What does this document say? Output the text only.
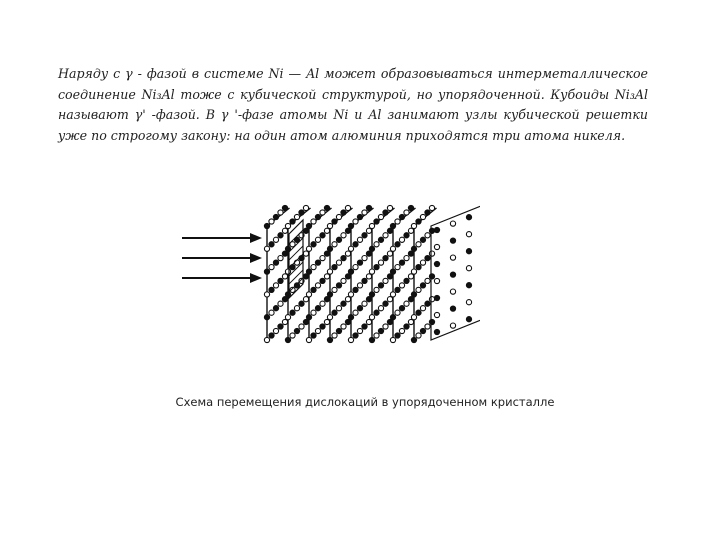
Наряду с γ - фазой в системе Ni — Al может образовываться интерметаллическое
соединение Ni₃Al тоже с кубической структурой, но упорядоченной. Кубоиды Ni₃Al
называют γ' -фазой. В γ '-фазе атомы Ni и Al занимают узлы кубической решетки
уже по строгому закону: на один атом алюминия приходятся три атома никеля.
Схема перемещения дислокаций в упорядоченном кристалле
